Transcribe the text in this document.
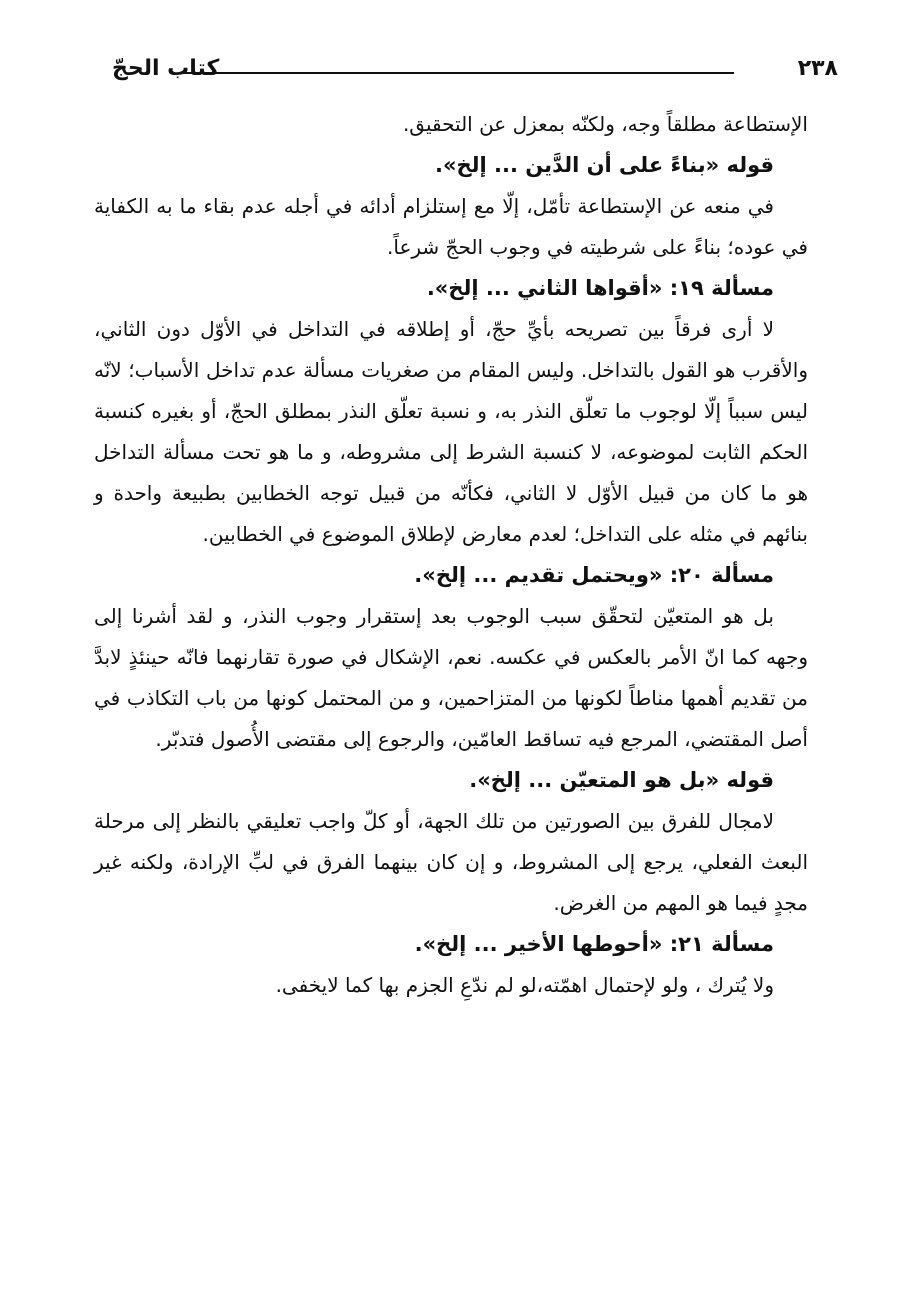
كتاب الحجّ	٢٣٨

الإستطاعة مطلقاً وجه، ولكنّه بمعزل عن التحقيق.

قوله «بناءً على أن الدَّين ... إلخ».

في منعه عن الإستطاعة تأمّل، إلّا مع إستلزام أدائه في أجله عدم بقاء ما به الكفاية في عوده؛ بناءً على شرطيته في وجوب الحجّ شرعاً.

مسألة ١٩: «أقواها الثاني ... إلخ».

لا أرى فرقاً بين تصريحه بأيِّ حجّ، أو إطلاقه في التداخل في الأوّل دون الثاني، والأقرب هو القول بالتداخل. وليس المقام من صغريات مسألة عدم تداخل الأسباب؛ لانّه ليس سبباً إلّا لوجوب ما تعلّق النذر به، و نسبة تعلّق النذر بمطلق الحجّ، أو بغيره كنسبة الحكم الثابت لموضوعه، لا كنسبة الشرط إلى مشروطه، و ما هو تحت مسألة التداخل هو ما كان من قبيل الأوّل لا الثاني، فكأنّه من قبيل توجه الخطابين بطبيعة واحدة و بنائهم في مثله على التداخل؛ لعدم معارض لإطلاق الموضوع في الخطابين.

مسألة ٢٠: «ويحتمل تقديم ... إلخ».

بل هو المتعيّن لتحقّق سبب الوجوب بعد إستقرار وجوب النذر، و لقد أشرنا إلى وجهه كما انّ الأمر بالعكس في عكسه. نعم، الإشكال في صورة تقارنهما فانّه حينئذٍ لابدَّ من تقديم أهمها مناطاً لكونها من المتزاحمين، و من المحتمل كونها من باب التكاذب في أصل المقتضي، المرجع فيه تساقط العامّين، والرجوع إلى مقتضى الأُصول فتدبّر.

قوله «بل هو المتعيّن ... إلخ».

لامجال للفرق بين الصورتين من تلك الجهة، أو كلّ واجب تعليقي بالنظر إلى مرحلة البعث الفعلي، يرجع إلى المشروط، و إن كان بينهما الفرق في لبِّ الإرادة، ولكنه غير مجدٍ فيما هو المهم من الغرض.

مسألة ٢١: «أحوطها الأخير ... إلخ».

ولا يُترك ، ولو لإحتمال اهمّته،لو لم ندّعِ الجزم بها كما لايخفى.
